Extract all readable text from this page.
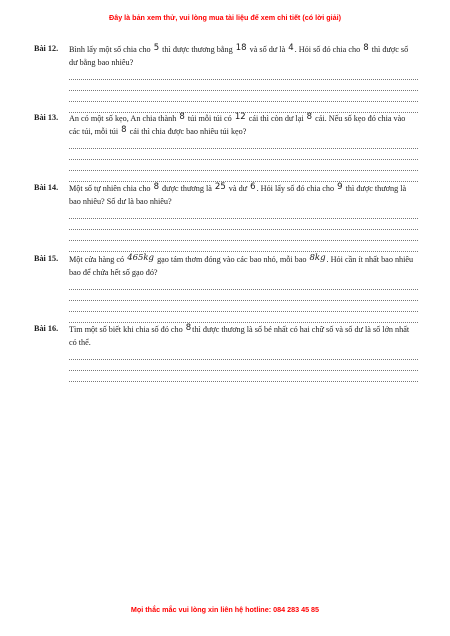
Đây là bản xem thử, vui lòng mua tài liệu để xem chi tiết (có lời giải)
Bài 12. Bình lấy một số chia cho 5 thì được thương bằng 18 và số dư là 4. Hỏi số đó chia cho 8 thì được số dư bằng bao nhiêu?

Bài 13. An có một số kẹo, An chia thành 8 túi mỗi túi có 12 cái thì còn dư lại 8 cái. Nếu số kẹo đó chia vào các túi, mỗi túi 8 cái thì chia được bao nhiêu túi kẹo?

Bài 14. Một số tự nhiên chia cho 8 được thương là 25 và dư 6. Hỏi lấy số đó chia cho 9 thì được thương là bao nhiêu? Số dư là bao nhiêu?

Bài 15. Một cửa hàng có 465kg gạo tám thơm đóng vào các bao nhỏ, mỗi bao 8kg. Hỏi cần ít nhất bao nhiêu bao để chứa hết số gạo đó?

Bài 16. Tìm một số biết khi chia số đó cho 8thì được thương là số bé nhất có hai chữ số và số dư là số lớn nhất có thể.

Mọi thắc mắc vui lòng xin liên hệ hotline: 084 283 45 85
